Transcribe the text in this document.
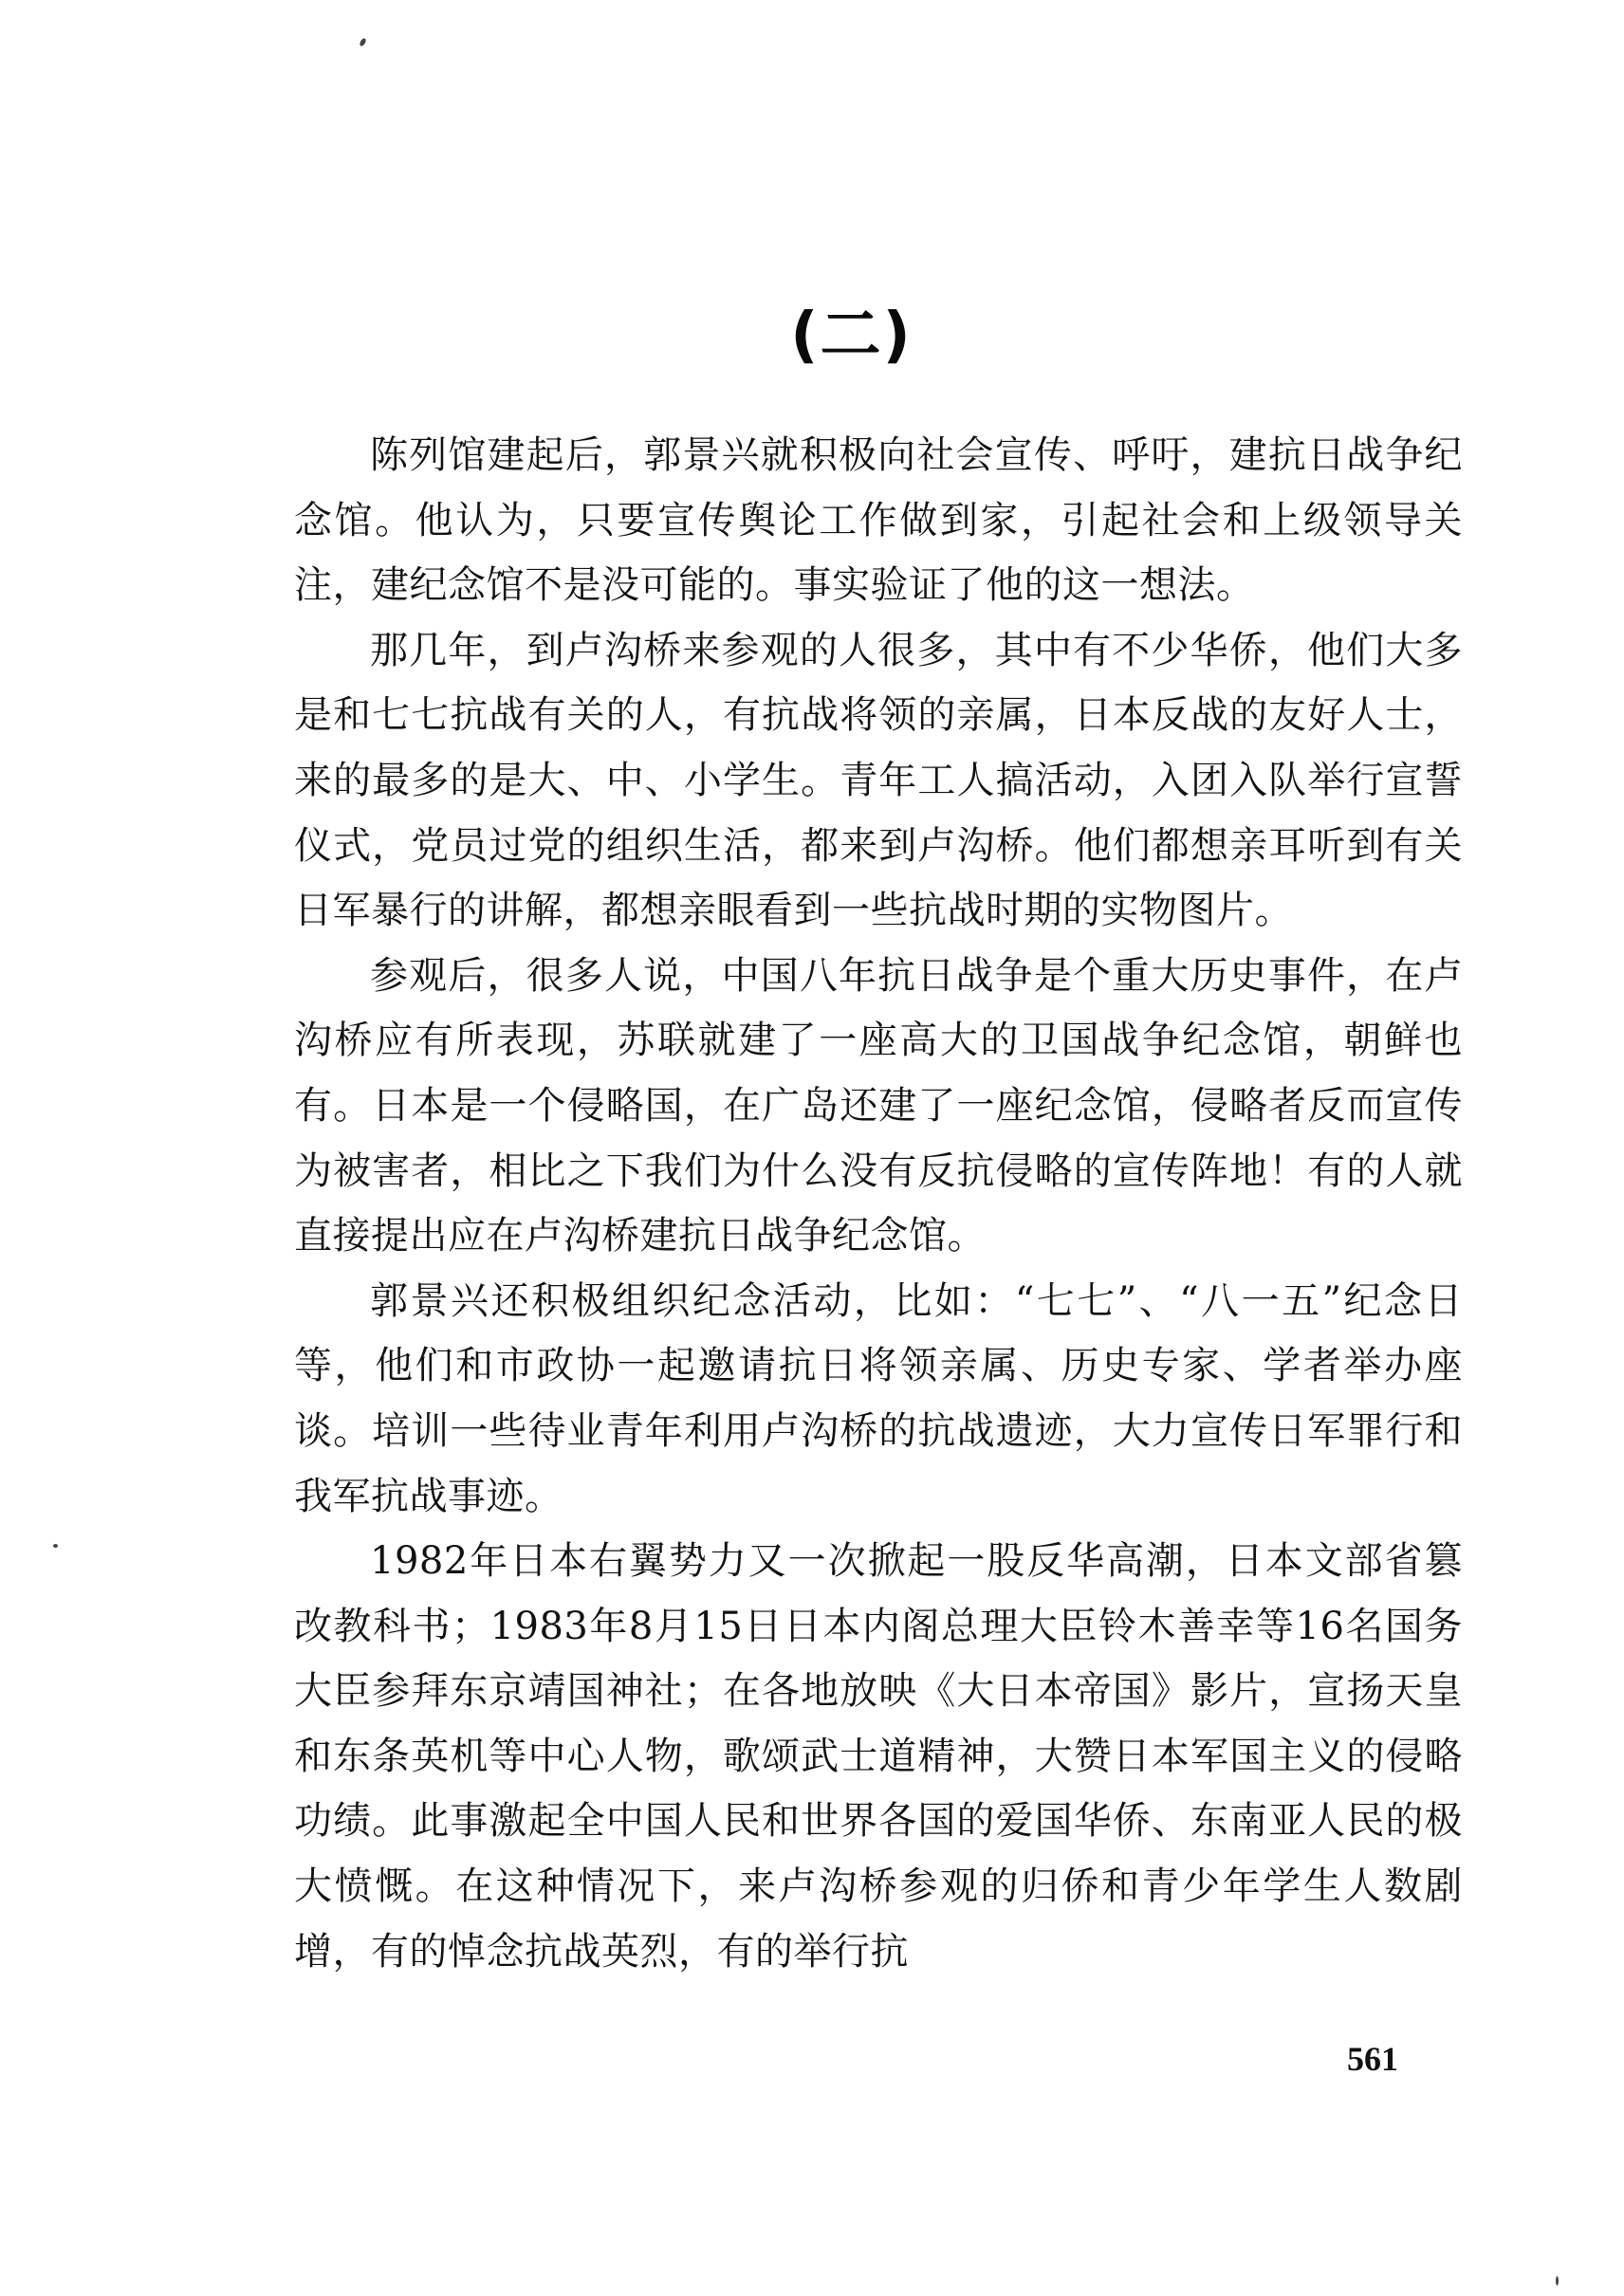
(二)

陈列馆建起后，郭景兴就积极向社会宣传、呼吁，建抗日战争纪念馆。他认为，只要宣传舆论工作做到家，引起社会和上级领导关注，建纪念馆不是没可能的。事实验证了他的这一想法。

那几年，到卢沟桥来参观的人很多，其中有不少华侨，他们大多是和七七抗战有关的人，有抗战将领的亲属，日本反战的友好人士，来的最多的是大、中、小学生。青年工人搞活动，入团入队举行宣誓仪式，党员过党的组织生活，都来到卢沟桥。他们都想亲耳听到有关日军暴行的讲解，都想亲眼看到一些抗战时期的实物图片。

参观后，很多人说，中国八年抗日战争是个重大历史事件，在卢沟桥应有所表现，苏联就建了一座高大的卫国战争纪念馆，朝鲜也有。日本是一个侵略国，在广岛还建了一座纪念馆，侵略者反而宣传为被害者，相比之下我们为什么没有反抗侵略的宣传阵地！有的人就直接提出应在卢沟桥建抗日战争纪念馆。

郭景兴还积极组织纪念活动，比如：“七七”、“八一五”纪念日等，他们和市政协一起邀请抗日将领亲属、历史专家、学者举办座谈。培训一些待业青年利用卢沟桥的抗战遗迹，大力宣传日军罪行和我军抗战事迹。

1982年日本右翼势力又一次掀起一股反华高潮，日本文部省篡改教科书；1983年8月15日日本内阁总理大臣铃木善幸等16名国务大臣参拜东京靖国神社；在各地放映《大日本帝国》影片，宣扬天皇和东条英机等中心人物，歌颂武士道精神，大赞日本军国主义的侵略功绩。此事激起全中国人民和世界各国的爱国华侨、东南亚人民的极大愤慨。在这种情况下，来卢沟桥参观的归侨和青少年学生人数剧增，有的悼念抗战英烈，有的举行抗

561
